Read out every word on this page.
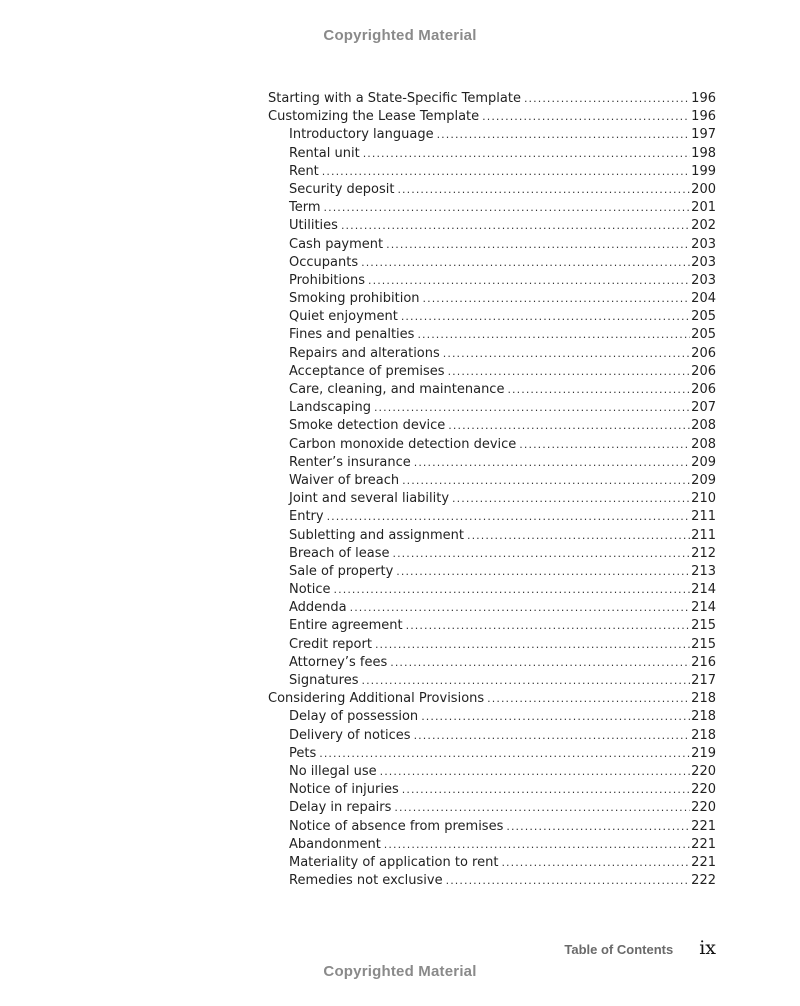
Copyrighted Material
Starting with a State-Specific Template . . .	196
Customizing the Lease Template . . .	196
Introductory language . . .	197
Rental unit . . .	198
Rent . . .	199
Security deposit . . .	200
Term . . .	201
Utilities . . .	202
Cash payment . . .	203
Occupants . . .	203
Prohibitions . . .	203
Smoking prohibition . . .	204
Quiet enjoyment . . .	205
Fines and penalties . . .	205
Repairs and alterations . . .	206
Acceptance of premises . . .	206
Care, cleaning, and maintenance . . .	206
Landscaping . . .	207
Smoke detection device . . .	208
Carbon monoxide detection device . . .	208
Renter’s insurance . . .	209
Waiver of breach . . .	209
Joint and several liability . . .	210
Entry . . .	211
Subletting and assignment . . .	211
Breach of lease . . .	212
Sale of property . . .	213
Notice . . .	214
Addenda . . .	214
Entire agreement . . .	215
Credit report . . .	215
Attorney’s fees . . .	216
Signatures . . .	217
Considering Additional Provisions . . .	218
Delay of possession . . .	218
Delivery of notices . . .	218
Pets . . .	219
No illegal use . . .	220
Notice of injuries . . .	220
Delay in repairs . . .	220
Notice of absence from premises . . .	221
Abandonment . . .	221
Materiality of application to rent . . .	221
Remedies not exclusive . . .	222
Table of Contents ix
Copyrighted Material
